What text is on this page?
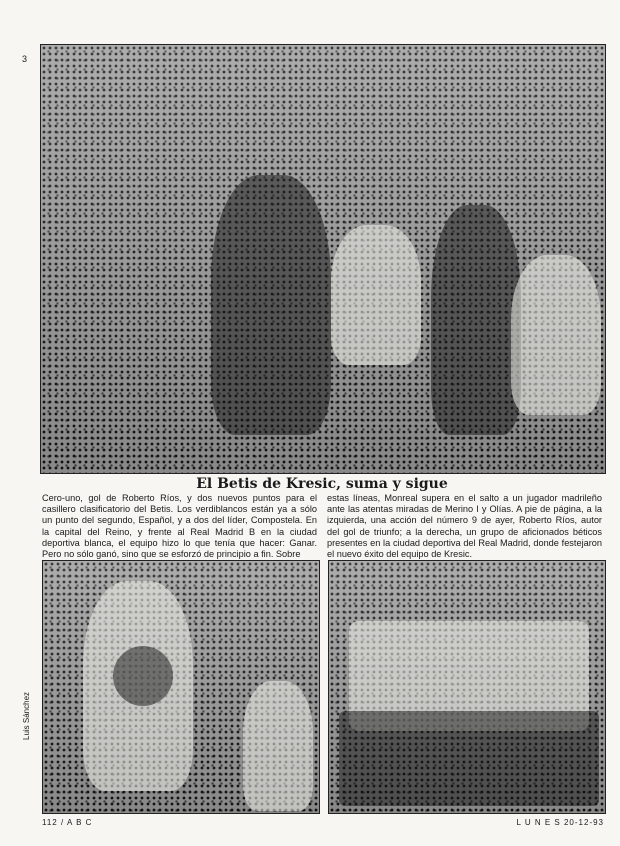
3
El Betis de Kresic, suma y sigue
Cero-uno, gol de Roberto Ríos, y dos nuevos puntos para el casillero clasificatorio del Betis. Los verdiblancos están ya a sólo un punto del segundo, Español, y a dos del líder, Compostela. En la capital del Reino, y frente al Real Madrid B en la ciudad deportiva blanca, el equipo hizo lo que tenía que hacer: Ganar. Pero no sólo ganó, sino que se esforzó de principio a fin. Sobre
estas líneas, Monreal supera en el salto a un jugador madrileño ante las atentas miradas de Merino I y Olías. A pie de página, a la izquierda, una acción del número 9 de ayer, Roberto Ríos, autor del gol de triunfo; a la derecha, un grupo de aficionados béticos presentes en la ciudad deportiva del Real Madrid, donde festejaron el nuevo éxito del equipo de Kresic.
Luis Sánchez
112 / A B C	L U N E S 20-12-93
